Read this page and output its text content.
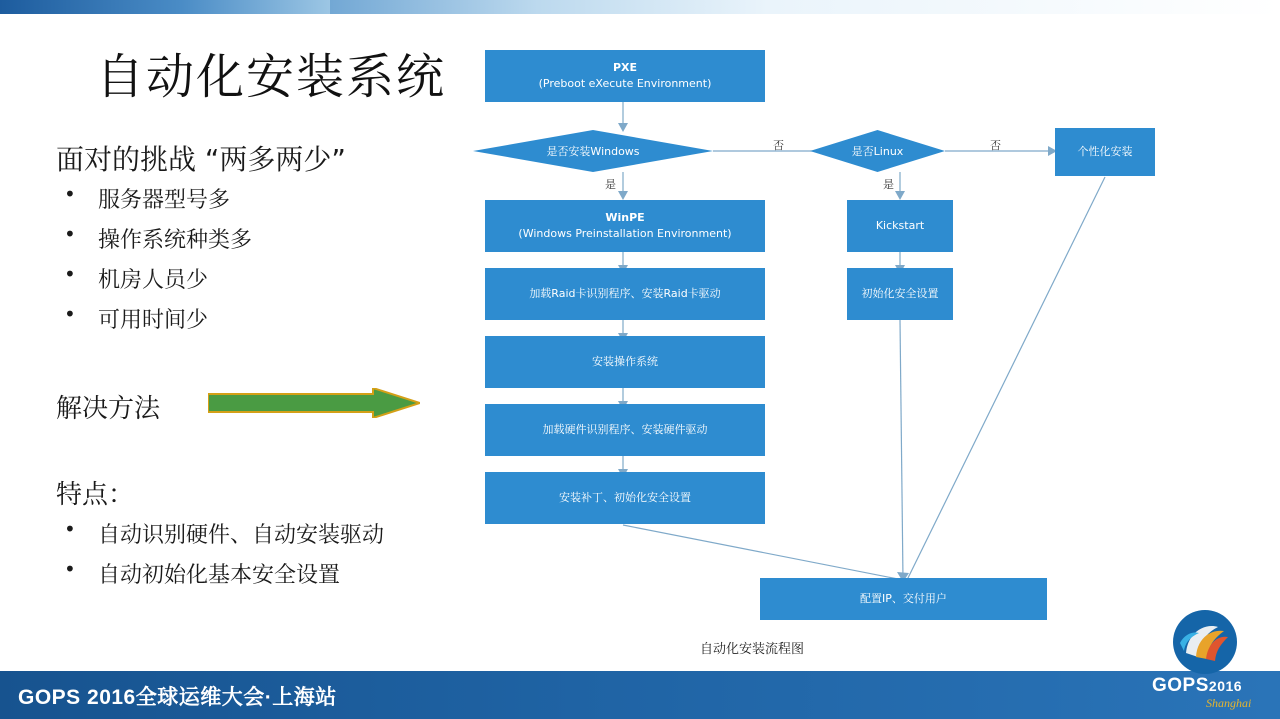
自动化安装系统
面对的挑战 “两多两少”
• 服务器型号多
• 操作系统种类多
• 机房人员少
• 可用时间少
解决方法
特点：
• 自动识别硬件、自动安装驱动
• 自动初始化基本安全设置
PXE
(Preboot eXecute Environment)
是否安装Windows	是否Linux	个性化安装
WinPE
(Windows Preinstallation Environment)
Kickstart
加载Raid卡识别程序、安装Raid卡驱动	初始化安全设置
安装操作系统
加载硬件识别程序、安装硬件驱动
安装补丁、初始化安全设置
配置IP、交付用户
否
是
否
是
自动化安装流程图
GOPS 2016全球运维大会·上海站
GOPS2016
Shanghai
